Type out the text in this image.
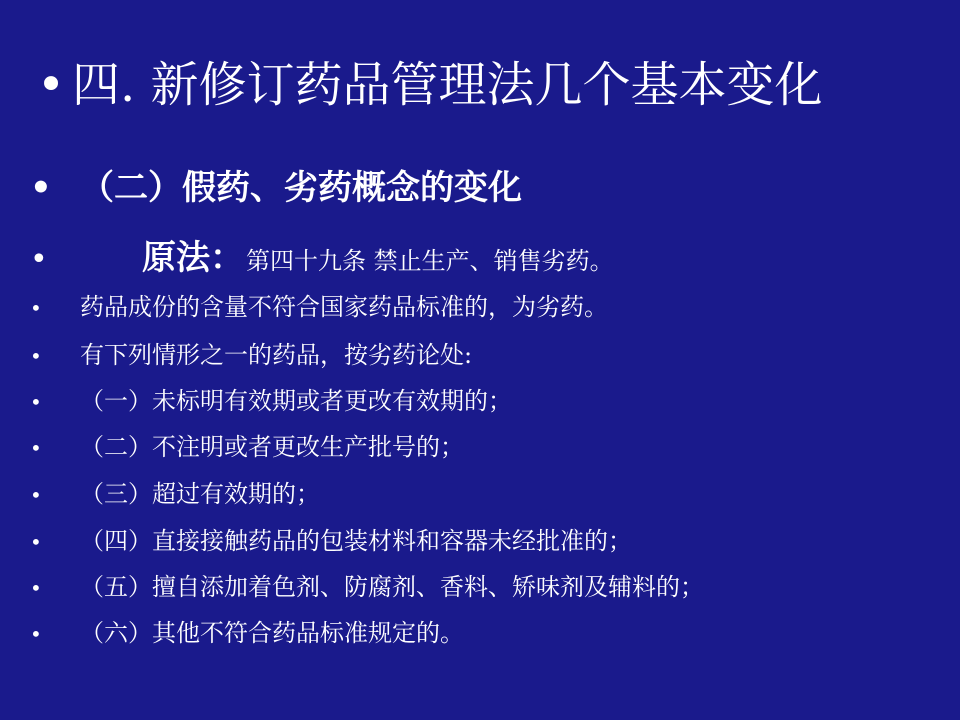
• 四. 新修订药品管理法几个基本变化
• （二）假药、劣药概念的变化
•	原法：第四十九条 禁止生产、销售劣药。
• 药品成份的含量不符合国家药品标准的，为劣药。
• 有下列情形之一的药品，按劣药论处:
• （一）未标明有效期或者更改有效期的；
• （二）不注明或者更改生产批号的；
• （三）超过有效期的；
• （四）直接接触药品的包装材料和容器未经批准的；
• （五）擅自添加着色剂、防腐剂、香料、矫味剂及辅料的；
• （六）其他不符合药品标准规定的。
